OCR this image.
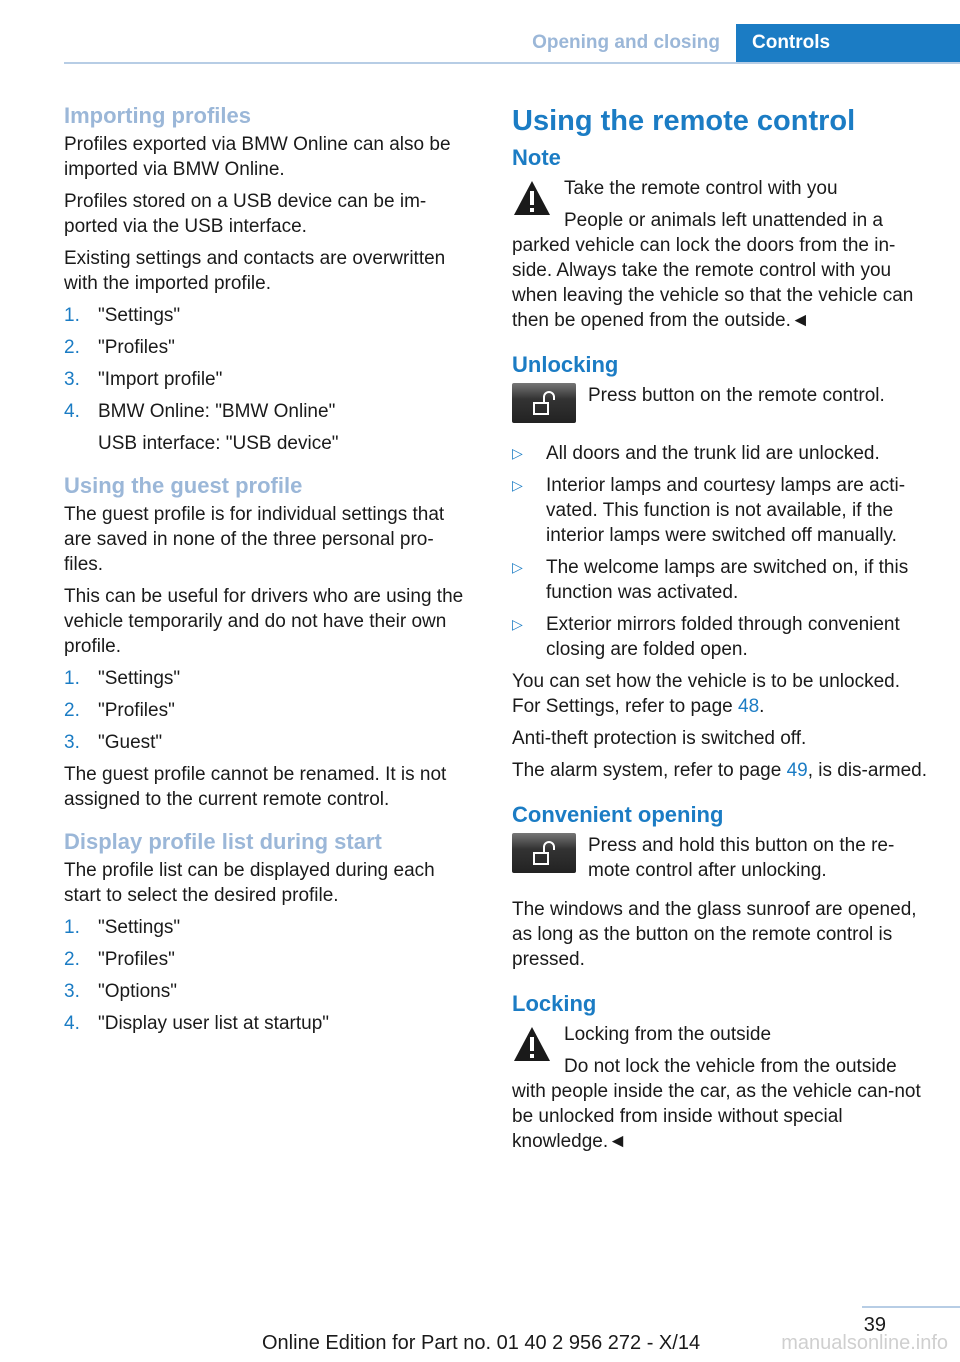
Opening and closing	Controls
Importing profiles

Profiles exported via BMW Online can also be imported via BMW Online.

Profiles stored on a USB device can be im‐ported via the USB interface.

Existing settings and contacts are overwritten with the imported profile.

1. "Settings"
2. "Profiles"
3. "Import profile"
4. BMW Online: "BMW Online"
USB interface: "USB device"
Using the guest profile

The guest profile is for individual settings that are saved in none of the three personal pro‐files.

This can be useful for drivers who are using the vehicle temporarily and do not have their own profile.

1. "Settings"
2. "Profiles"
3. "Guest"

The guest profile cannot be renamed. It is not assigned to the current remote control.

Display profile list during start

The profile list can be displayed during each start to select the desired profile.

1. "Settings"
2. "Profiles"
3. "Options"
4. "Display user list at startup"
Using the remote control
Note
Take the remote control with you

People or animals left unattended in a parked vehicle can lock the doors from the in‐side. Always take the remote control with you when leaving the vehicle so that the vehicle can then be opened from the outside.◄

Unlocking
Press button on the remote control.
▷ All doors and the trunk lid are unlocked.
▷ Interior lamps and courtesy lamps are acti‐vated. This function is not available, if the interior lamps were switched off manually.
▷ The welcome lamps are switched on, if this function was activated.
▷ Exterior mirrors folded through convenient closing are folded open.

You can set how the vehicle is to be unlocked. For Settings, refer to page 48.

Anti-theft protection is switched off.

The alarm system, refer to page 49, is dis‐armed.

Convenient opening
Press and hold this button on the re‐mote control after unlocking.

The windows and the glass sunroof are opened, as long as the button on the remote control is pressed.

Locking
Locking from the outside

Do not lock the vehicle from the outside with people inside the car, as the vehicle can‐not be unlocked from inside without special knowledge.◄

39
Online Edition for Part no. 01 40 2 956 272 - X/14	manualsonline.info
